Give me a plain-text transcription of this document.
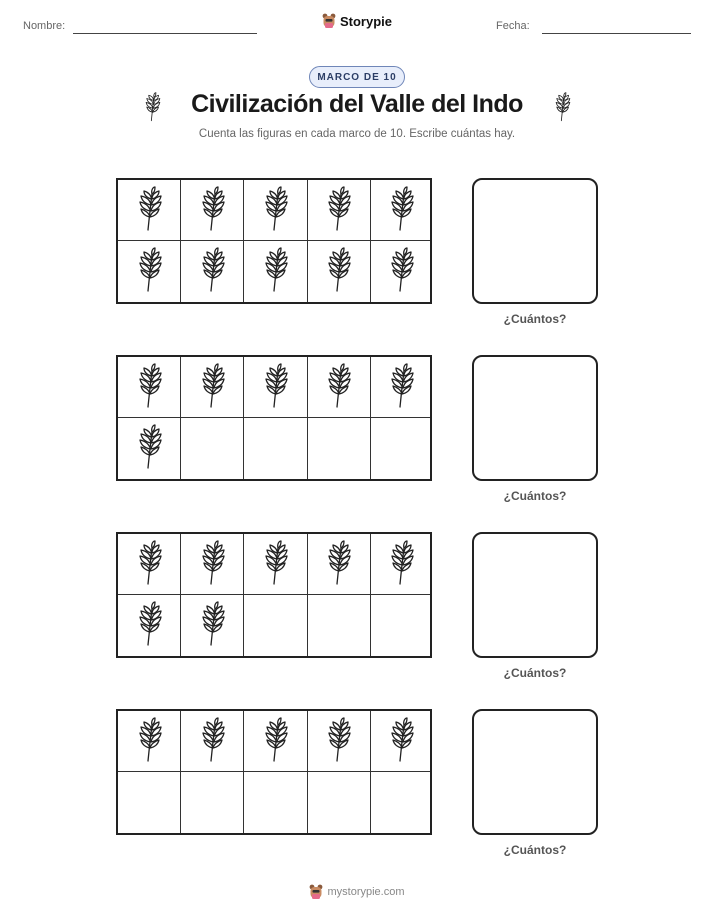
Nombre:	Storypie	Fecha:
MARCO DE 10
Civilización del Valle del Indo
Cuenta las figuras en cada marco de 10. Escribe cuántas hay.
¿Cuántos?
¿Cuántos?
¿Cuántos?
¿Cuántos?
mystorypie.com
